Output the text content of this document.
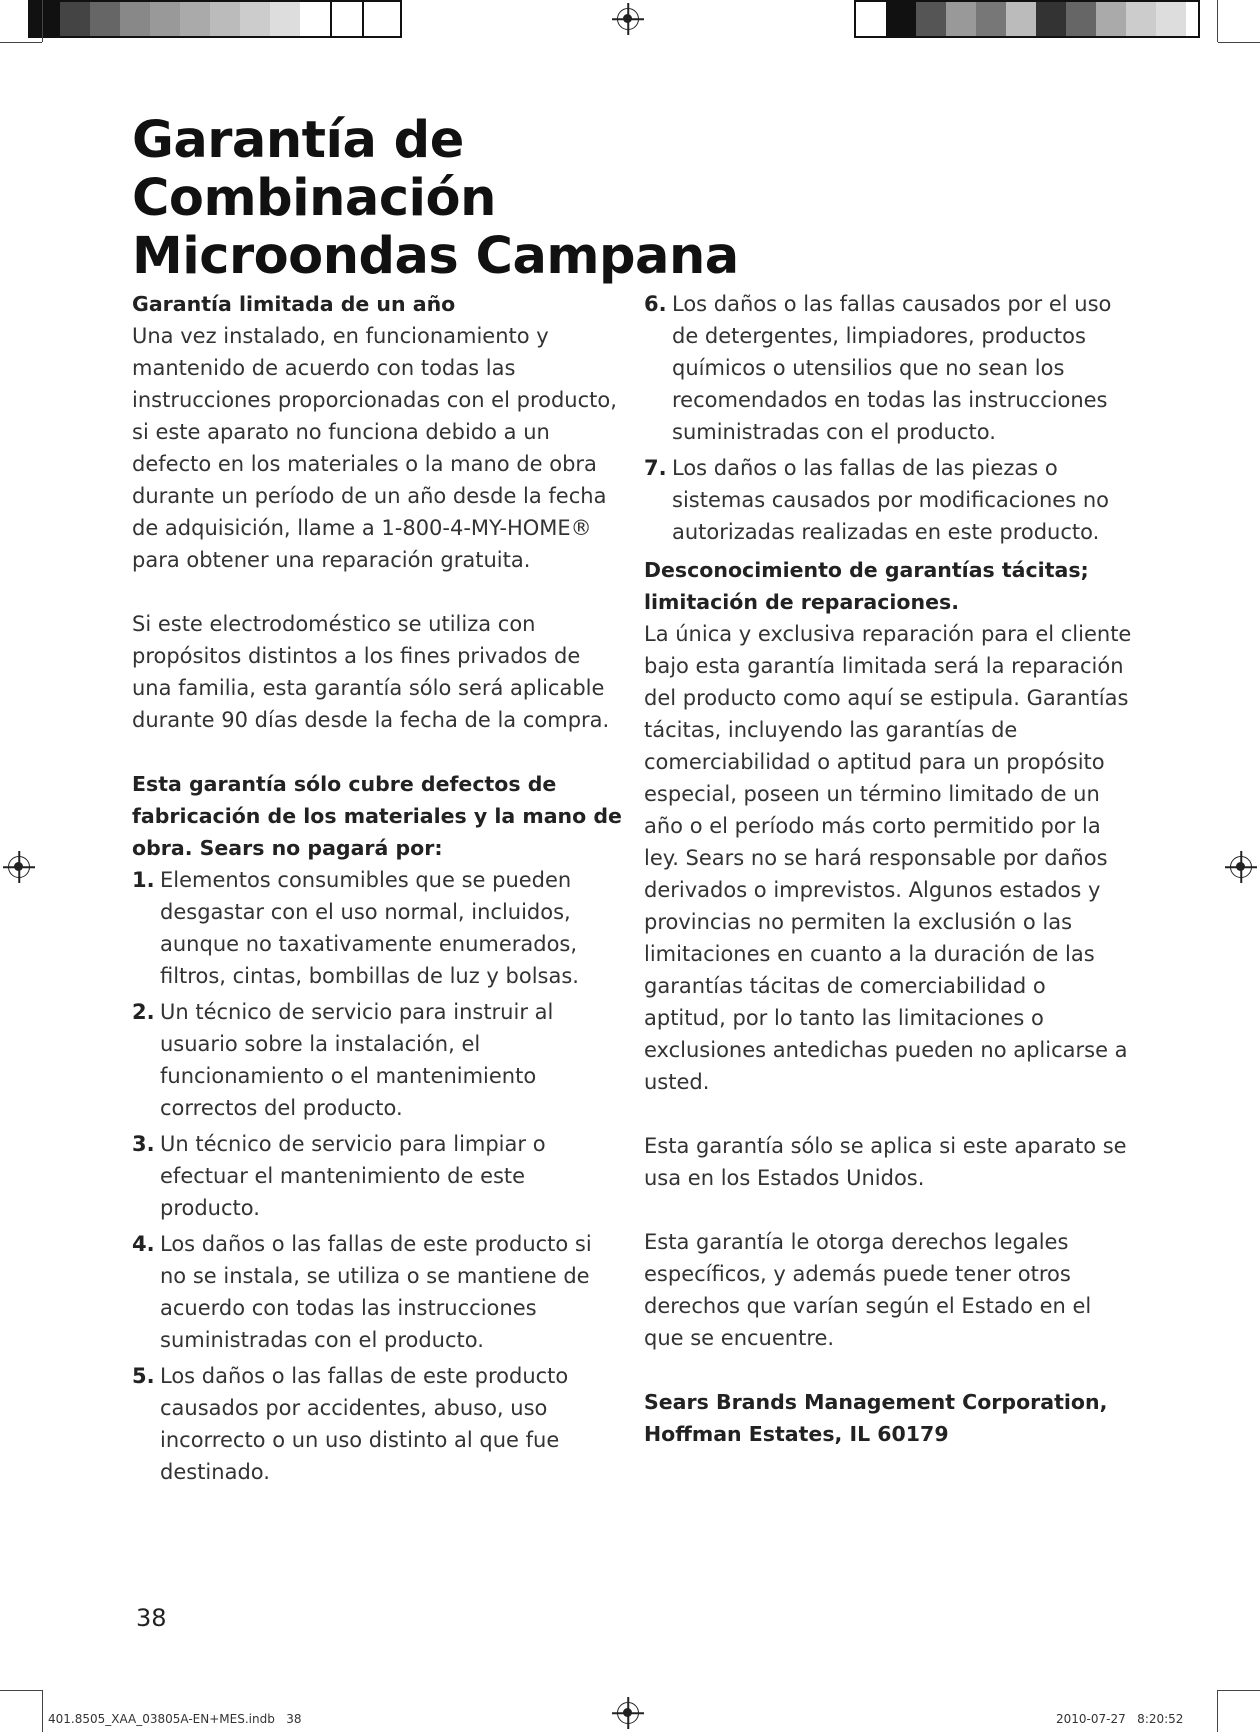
Garantía de
Combinación
Microondas Campana
Garantía limitada de un año

Una vez instalado, en funcionamiento y mantenido de acuerdo con todas las instrucciones proporcionadas con el producto, si este aparato no funciona debido a un defecto en los materiales o la mano de obra durante un período de un año desde la fecha de adquisición, llame a 1-800-4-MY-HOME® para obtener una reparación gratuita.

Si este electrodoméstico se utiliza con propósitos distintos a los fines privados de una familia, esta garantía sólo será aplicable durante 90 días desde la fecha de la compra.

Esta garantía sólo cubre defectos de fabricación de los materiales y la mano de obra. Sears no pagará por:
1. Elementos consumibles que se pueden desgastar con el uso normal, incluidos, aunque no taxativamente enumerados, filtros, cintas, bombillas de luz y bolsas.
2. Un técnico de servicio para instruir al usuario sobre la instalación, el funcionamiento o el mantenimiento correctos del producto.
3. Un técnico de servicio para limpiar o efectuar el mantenimiento de este producto.
4. Los daños o las fallas de este producto si no se instala, se utiliza o se mantiene de acuerdo con todas las instrucciones suministradas con el producto.
5. Los daños o las fallas de este producto causados por accidentes, abuso, uso incorrecto o un uso distinto al que fue destinado.
6. Los daños o las fallas causados por el uso de detergentes, limpiadores, productos químicos o utensilios que no sean los recomendados en todas las instrucciones suministradas con el producto.
7. Los daños o las fallas de las piezas o sistemas causados por modificaciones no autorizadas realizadas en este producto.
Desconocimiento de garantías tácitas; limitación de reparaciones.

La única y exclusiva reparación para el cliente bajo esta garantía limitada será la reparación del producto como aquí se estipula. Garantías tácitas, incluyendo las garantías de comerciabilidad o aptitud para un propósito especial, poseen un término limitado de un año o el período más corto permitido por la ley. Sears no se hará responsable por daños derivados o imprevistos. Algunos estados y provincias no permiten la exclusión o las limitaciones en cuanto a la duración de las garantías tácitas de comerciabilidad o aptitud, por lo tanto las limitaciones o exclusiones antedichas pueden no aplicarse a usted.

Esta garantía sólo se aplica si este aparato se usa en los Estados Unidos.

Esta garantía le otorga derechos legales específicos, y además puede tener otros derechos que varían según el Estado en el que se encuentre.

Sears Brands Management Corporation,
Hoffman Estates, IL 60179
38
401.8505_XAA_03805A-EN+MES.indb   38	2010-07-27   8:20:52
